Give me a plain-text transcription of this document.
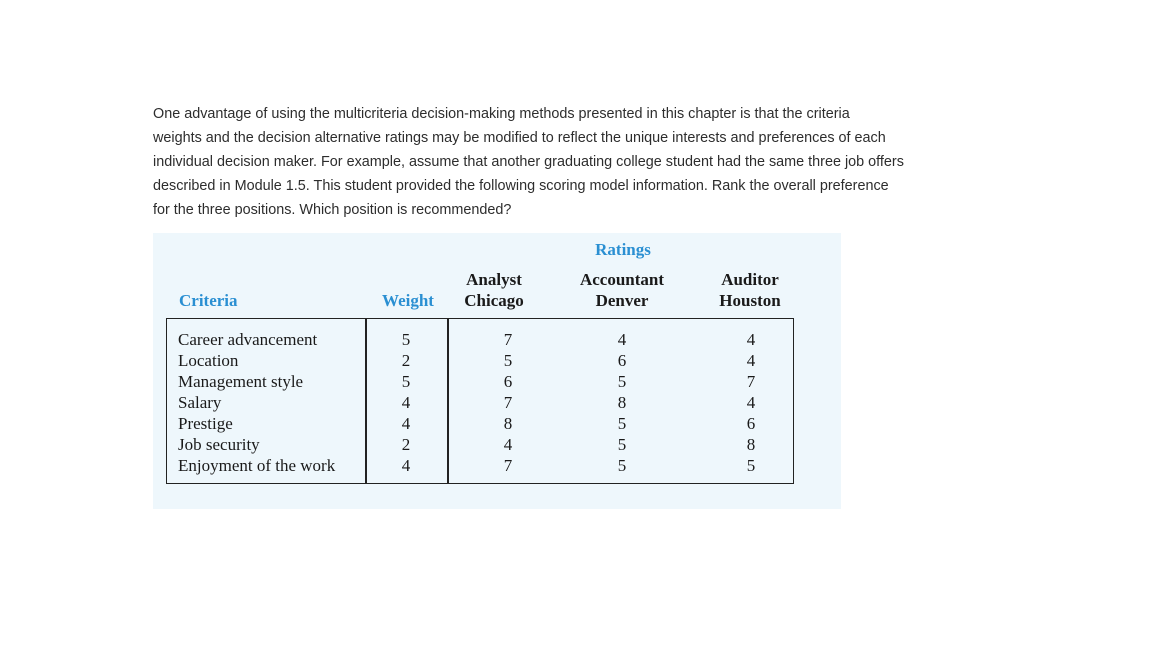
One advantage of using the multicriteria decision-making methods presented in this chapter is that the criteria

weights and the decision alternative ratings may be modified to reflect the unique interests and preferences of each

individual decision maker. For example, assume that another graduating college student had the same three job offers

described in Module 1.5. This student provided the following scoring model information. Rank the overall preference

for the three positions. Which position is recommended?

Ratings
Criteria	Weight
Analyst
Chicago
Accountant
Denver
Auditor
Houston
Career advancement
Location
Management style
Salary
Prestige
Job security
Enjoyment of the work
5
2
5
4
4
2
4
7
5
6
7
8
4
7
4
6
5
8
5
5
5
4
4
7
4
6
8
5
